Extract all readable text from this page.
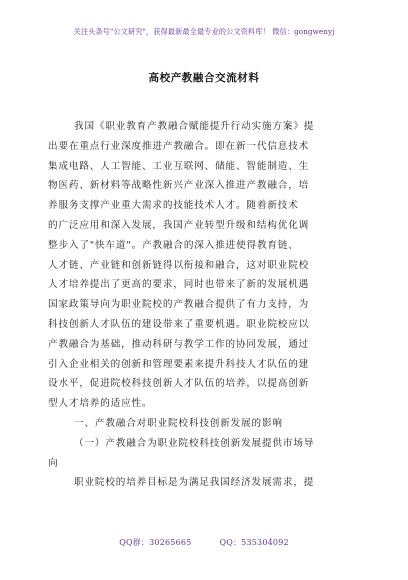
关注头条号"公文研究"，获得最新最全最专业的公文资料库！ 微信：gongwenyj
高校产教融合交流材料
我国《职业教育产教融合赋能提升行动实施方案》提
出要在重点行业深度推进产教融合。即在新一代信息技术
集成电路、人工智能、工业互联网、储能、智能制造、生
物医药、新材料等战略性新兴产业深入推进产教融合，培
养服务支撑产业重大需求的技能技术人才。随着新技术
的广泛应用和深入发展，我国产业转型升级和结构优化调
整步入了"快车道"。产教融合的深入推进使得教育链、
人才链、产业链和创新链得以衔接和融合，这对职业院校
人才培养提出了更高的要求，同时也带来了新的发展机遇
国家政策导向为职业院校的产教融合提供了有力支持，为
科技创新人才队伍的建设带来了重要机遇。职业院校应以
产教融合为基础，推动科研与教学工作的协同发展，通过
引入企业相关的创新和管理要素来提升科技人才队伍的建
设水平，促进院校科技创新人才队伍的培养，以提高创新
型人才培养的适应性。
一、产教融合对职业院校科技创新发展的影响
（一）产教融合为职业院校科技创新发展提供市场导
向
职业院校的培养目标是为满足我国经济发展需求，提
QQ群：30265665	QQ：535304092
